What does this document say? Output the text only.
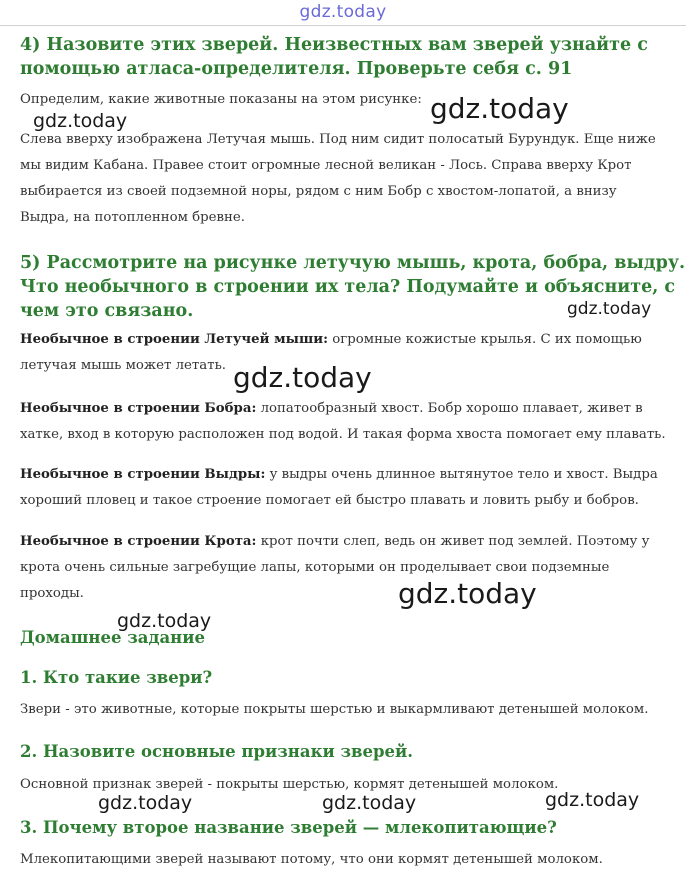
gdz.today
4) Назовите этих зверей. Неизвестных вам зверей узнайте с
помощью атласа-определителя. Проверьте себя с. 91
Определим, какие животные показаны на этом рисунке:
Слева вверху изображена Летучая мышь. Под ним сидит полосатый Бурундук. Еще ниже
мы видим Кабана. Правее стоит огромные лесной великан - Лось. Справа вверху Крот
выбирается из своей подземной норы, рядом с ним Бобр с хвостом-лопатой, а внизу
Выдра, на потопленном бревне.
5) Рассмотрите на рисунке летучую мышь, крота, бобра, выдру.
Что необычного в строении их тела? Подумайте и объясните, с
чем это связано.
Необычное в строении Летучей мыши: огромные кожистые крылья. С их помощью
летучая мышь может летать.
Необычное в строении Бобра: лопатообразный хвост. Бобр хорошо плавает, живет в
хатке, вход в которую расположен под водой. И такая форма хвоста помогает ему плавать.
Необычное в строении Выдры: у выдры очень длинное вытянутое тело и хвост. Выдра
хороший пловец и такое строение помогает ей быстро плавать и ловить рыбу и бобров.
Необычное в строении Крота: крот почти слеп, ведь он живет под землей. Поэтому у
крота очень сильные загребущие лапы, которыми он проделывает свои подземные
проходы.
Домашнее задание
1. Кто такие звери?
Звери - это животные, которые покрыты шерстью и выкармливают детенышей молоком.
2. Назовите основные признаки зверей.
Основной признак зверей - покрыты шерстью, кормят детенышей молоком.
3. Почему второе название зверей — млекопитающие?
Млекопитающими зверей называют потому, что они кормят детенышей молоком.
gdz.today
gdz.today
gdz.today
gdz.today
gdz.today
gdz.today
gdz.today	gdz.today	gdz.today
